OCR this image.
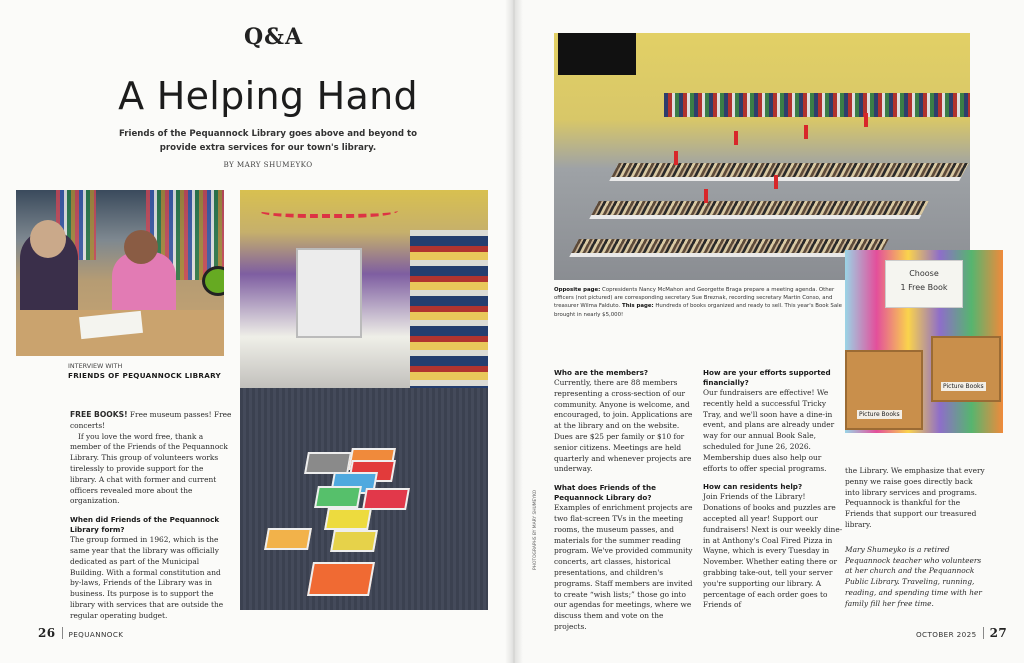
Q&A
A Helping Hand
Friends of the Pequannock Library goes above and beyond to provide extra services for our town's library.
BY MARY SHUMEYKO
INTERVIEW WITH
FRIENDS OF PEQUANNOCK LIBRARY

FREE BOOKS! Free museum passes! Free concerts!

If you love the word free, thank a member of the Friends of the Pequannock Library. This group of volunteers works tirelessly to provide support for the library. A chat with former and current officers revealed more about the organization.

When did Friends of the Pequannock Library form?

The group formed in 1962, which is the same year that the library was officially dedicated as part of the Municipal Building. With a formal constitution and by-laws, Friends of the Library was in business. Its purpose is to support the library with services that are outside the regular operating budget.

26 PEQUANNOCK
Choose
1 Free Book
Picture Books
Picture Books
Opposite page: Copresidents Nancy McMahon and Georgette Braga prepare a meeting agenda. Other officers (not pictured) are corresponding secretary Sue Breznak, recording secretary Martin Conso, and treasurer Wilma Falduto. This page: Hundreds of books organized and ready to sell. This year's Book Sale brought in nearly $5,000!
PHOTOGRAPHS BY MARY SHUMEYKO

Who are the members?

Currently, there are 88 members representing a cross-section of our community. Anyone is welcome, and encouraged, to join. Applications are at the library and on the website. Dues are $25 per family or $10 for senior citizens. Meetings are held quarterly and whenever projects are underway.

What does Friends of the Pequannock Library do?

Examples of enrichment projects are two flat-screen TVs in the meeting rooms, the museum passes, and materials for the summer reading program. We've provided community concerts, art classes, historical presentations, and children's programs. Staff members are invited to create “wish lists;” those go into our agendas for meetings, where we discuss them and vote on the projects.

How are your efforts supported financially?

Our fundraisers are effective! We recently held a successful Tricky Tray, and we'll soon have a dine-in event, and plans are already under way for our annual Book Sale, scheduled for June 26, 2026. Membership dues also help our efforts to offer special programs.

How can residents help?

Join Friends of the Library! Donations of books and puzzles are accepted all year! Support our fundraisers! Next is our weekly dine-in at Anthony's Coal Fired Pizza in Wayne, which is every Tuesday in November. Whether eating there or grabbing take-out, tell your server you're supporting our library. A percentage of each order goes to Friends of

the Library. We emphasize that every penny we raise goes directly back into library services and programs. Pequannock is thankful for the Friends that support our treasured library.

Mary Shumeyko is a retired Pequannock teacher who volunteers at her church and the Pequannock Public Library. Traveling, running, reading, and spending time with her family fill her free time.

OCTOBER 2025 27
